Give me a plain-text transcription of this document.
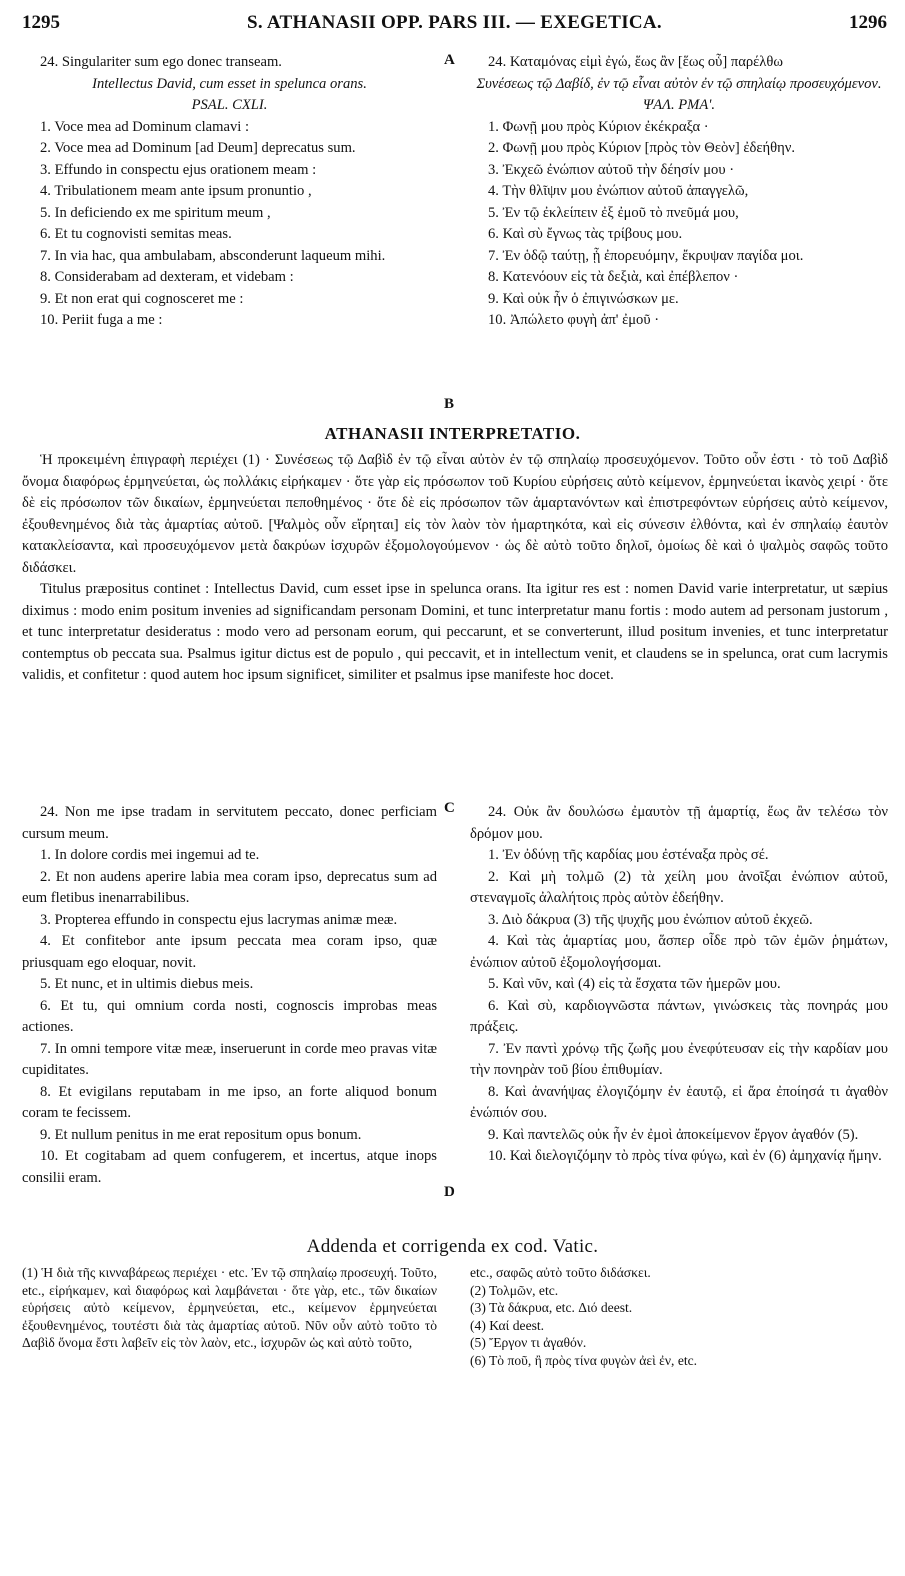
1295	S. ATHANASII OPP. PARS III. — EXEGETICA.	1296

24. Singulariter sum ego donec transeam.

Intellectus David, cum esset in spelunca orans.

PSAL. CXLI.

1. Voce mea ad Dominum clamavi :

2. Voce mea ad Dominum [ad Deum] deprecatus sum.

3. Effundo in conspectu ejus orationem meam :

4. Tribulationem meam ante ipsum pronuntio ,

5. In deficiendo ex me spiritum meum ,

6. Et tu cognovisti semitas meas.

7. In via hac, qua ambulabam, absconderunt laqueum mihi.

8. Considerabam ad dexteram, et videbam :

9. Et non erat qui cognosceret me :

10. Periit fuga a me :

A
B

24. Καταμόνας εἰμὶ ἐγώ, ἕως ἂν [ἕως οὗ] παρέλθω

Συνέσεως τῷ Δαβίδ, ἐν τῷ εἶναι αὐτὸν ἐν τῷ σπηλαίῳ προσευχόμενον. ΨΑΛ. ΡΜΑ'.

1. Φωνῇ μου πρὸς Κύριον ἐκέκραξα ·

2. Φωνῇ μου πρὸς Κύριον [πρὸς τὸν Θεὸν] ἐδεήθην.

3. Ἐκχεῶ ἐνώπιον αὐτοῦ τὴν δέησίν μου ·

4. Τὴν θλῖψιν μου ἐνώπιον αὐτοῦ ἀπαγγελῶ,

5. Ἐν τῷ ἐκλείπειν ἐξ ἐμοῦ τὸ πνεῦμά μου,

6. Καὶ σὺ ἔγνως τὰς τρίβους μου.

7. Ἐν ὁδῷ ταύτῃ, ᾗ ἐπορευόμην, ἔκρυψαν παγίδα μοι.

8. Κατενόουν εἰς τὰ δεξιὰ, καὶ ἐπέβλεπον ·

9. Καὶ οὐκ ἦν ὁ ἐπιγινώσκων με.

10. Ἀπώλετο φυγὴ ἀπ' ἐμοῦ ·

ATHANASII INTERPRETATIO.

Ἡ προκειμένη ἐπιγραφὴ περιέχει (1) · Συνέσεως τῷ Δαβὶδ ἐν τῷ εἶναι αὐτὸν ἐν τῷ σπηλαίῳ προσευχόμενον. Τοῦτο οὖν ἐστι · τὸ τοῦ Δαβὶδ ὄνομα διαφόρως ἑρμηνεύεται, ὡς πολλάκις εἰρήκαμεν · ὅτε γὰρ εἰς πρόσωπον τοῦ Κυρίου εὑρήσεις αὐτὸ κείμενον, ἑρμηνεύεται ἱκανὸς χειρί · ὅτε δὲ εἰς πρόσωπον τῶν δικαίων, ἑρμηνεύεται πεποθημένος · ὅτε δὲ εἰς πρόσωπον τῶν ἁμαρτανόντων καὶ ἐπιστρεφόντων εὑρήσεις αὐτὸ κείμενον, ἐξουθενημένος διὰ τὰς ἁμαρτίας αὐτοῦ. [Ψαλμὸς οὖν εἴρηται] εἰς τὸν λαὸν τὸν ἡμαρτηκότα, καὶ εἰς σύνεσιν ἐλθόντα, καὶ ἐν σπηλαίῳ ἑαυτὸν κατακλείσαντα, καὶ προσευχόμενον μετὰ δακρύων ἰσχυρῶν ἐξομολογούμενον · ὡς δὲ αὐτὸ τοῦτο δηλοῖ, ὁμοίως δὲ καὶ ὁ ψαλμὸς σαφῶς τοῦτο διδάσκει.

Titulus præpositus continet : Intellectus David, cum esset ipse in spelunca orans. Ita igitur res est : nomen David varie interpretatur, ut sæpius diximus : modo enim positum invenies ad significandam personam Domini, et tunc interpretatur manu fortis : modo autem ad personam justorum , et tunc interpretatur desideratus : modo vero ad personam eorum, qui peccarunt, et se converterunt, illud positum invenies, et tunc interpretatur contemptus ob peccata sua. Psalmus igitur dictus est de populo , qui peccavit, et in intellectum venit, et claudens se in spelunca, orat cum lacrymis validis, et confitetur : quod autem hoc ipsum significet, similiter et psalmus ipse manifeste hoc docet.

24. Non me ipse tradam in servitutem peccato, donec perficiam cursum meum.

1. In dolore cordis mei ingemui ad te.

2. Et non audens aperire labia mea coram ipso, deprecatus sum ad eum fletibus inenarrabilibus.

3. Propterea effundo in conspectu ejus lacrymas animæ meæ.

4. Et confitebor ante ipsum peccata mea coram ipso, quæ priusquam ego eloquar, novit.

5. Et nunc, et in ultimis diebus meis.

6. Et tu, qui omnium corda nosti, cognoscis improbas meas actiones.

7. In omni tempore vitæ meæ, inseruerunt in corde meo pravas vitæ cupiditates.

8. Et evigilans reputabam in me ipso, an forte aliquod bonum coram te fecissem.

9. Et nullum penitus in me erat repositum opus bonum.

10. Et cogitabam ad quem confugerem, et incertus, atque inops consilii eram.

C
D

24. Οὐκ ἂν δουλώσω ἐμαυτὸν τῇ ἁμαρτίᾳ, ἕως ἂν τελέσω τὸν δρόμον μου.

1. Ἐν ὀδύνῃ τῆς καρδίας μου ἐστέναξα πρὸς σέ.

2. Καὶ μὴ τολμῶ (2) τὰ χείλη μου ἀνοῖξαι ἐνώπιον αὐτοῦ, στεναγμοῖς ἀλαλήτοις πρὸς αὐτὸν ἐδεήθην.

3. Διὸ δάκρυα (3) τῆς ψυχῆς μου ἐνώπιον αὐτοῦ ἐκχεῶ.

4. Καὶ τὰς ἁμαρτίας μου, ἅσπερ οἶδε πρὸ τῶν ἐμῶν ῥημάτων, ἐνώπιον αὐτοῦ ἐξομολογήσομαι.

5. Καὶ νῦν, καὶ (4) εἰς τὰ ἔσχατα τῶν ἡμερῶν μου.

6. Καὶ σὺ, καρδιογνῶστα πάντων, γινώσκεις τὰς πονηράς μου πράξεις.

7. Ἐν παντὶ χρόνῳ τῆς ζωῆς μου ἐνεφύτευσαν εἰς τὴν καρδίαν μου τὴν πονηρὰν τοῦ βίου ἐπιθυμίαν.

8. Καὶ ἀνανήψας ἐλογιζόμην ἐν ἑαυτῷ, εἰ ἄρα ἐποίησά τι ἀγαθὸν ἐνώπιόν σου.

9. Καὶ παντελῶς οὐκ ἦν ἐν ἐμοὶ ἀποκείμενον ἔργον ἀγαθόν (5).

10. Καὶ διελογιζόμην τὸ πρὸς τίνα φύγω, καὶ ἐν (6) ἀμηχανίᾳ ἤμην.

Addenda et corrigenda ex cod. Vatic.

(1) Ἡ διὰ τῆς κινναβάρεως περιέχει · etc. Ἐν τῷ σπηλαίῳ προσευχή. Τοῦτο, etc., εἰρήκαμεν, καὶ διαφόρως καὶ λαμβάνεται · ὅτε γὰρ, etc., τῶν δικαίων εὑρήσεις αὐτὸ κείμενον, ἑρμηνεύεται, etc., κείμενον ἑρμηνεύεται ἐξουθενημένος, τουτέστι διὰ τὰς ἁμαρτίας αὐτοῦ. Νῦν οὖν αὐτὸ τοῦτο τὸ Δαβὶδ ὄνομα ἔστι λαβεῖν εἰς τὸν λαὸν, etc., ἰσχυρῶν ὡς καὶ αὐτὸ τοῦτο,

etc., σαφῶς αὐτὸ τοῦτο διδάσκει.

(2) Τολμῶν, etc.

(3) Τὰ δάκρυα, etc. Διό deest.

(4) Καί deest.

(5) Ἔργον τι ἀγαθόν.

(6) Τὸ ποῦ, ἢ πρὸς τίνα φυγὼν ἀεὶ ἐν, etc.
